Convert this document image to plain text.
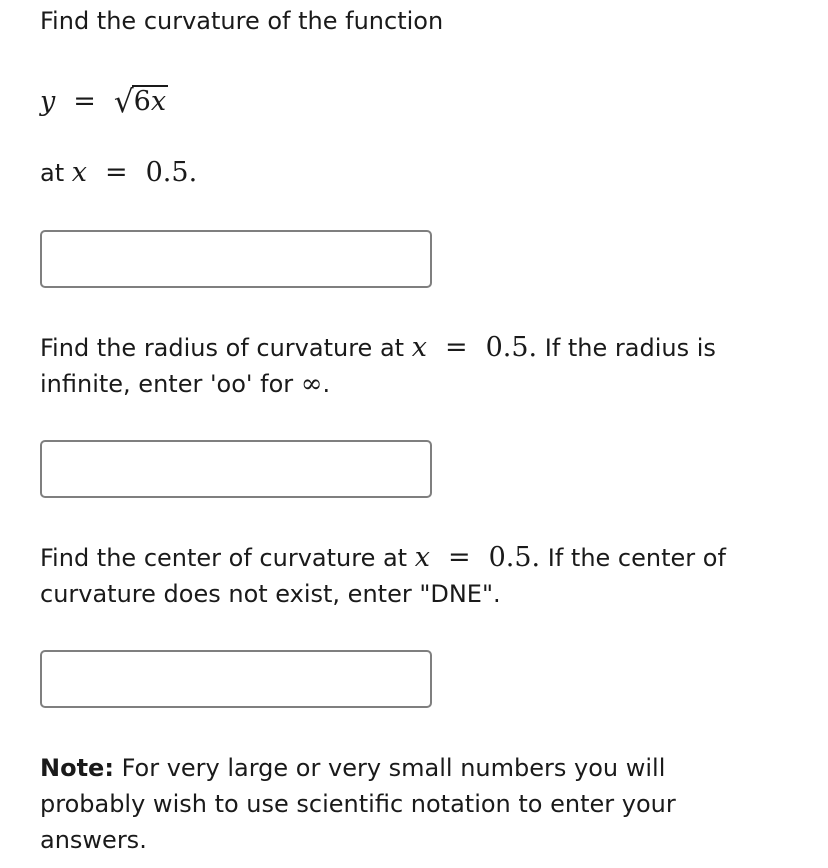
Find the curvature of the function
y = √6x
at x = 0.5.
Find the radius of curvature at x = 0.5. If the radius is
infinite, enter 'oo' for ∞.
Find the center of curvature at x = 0.5. If the center of
curvature does not exist, enter "DNE".
Note: For very large or very small numbers you will
probably wish to use scientific notation to enter your
answers.
